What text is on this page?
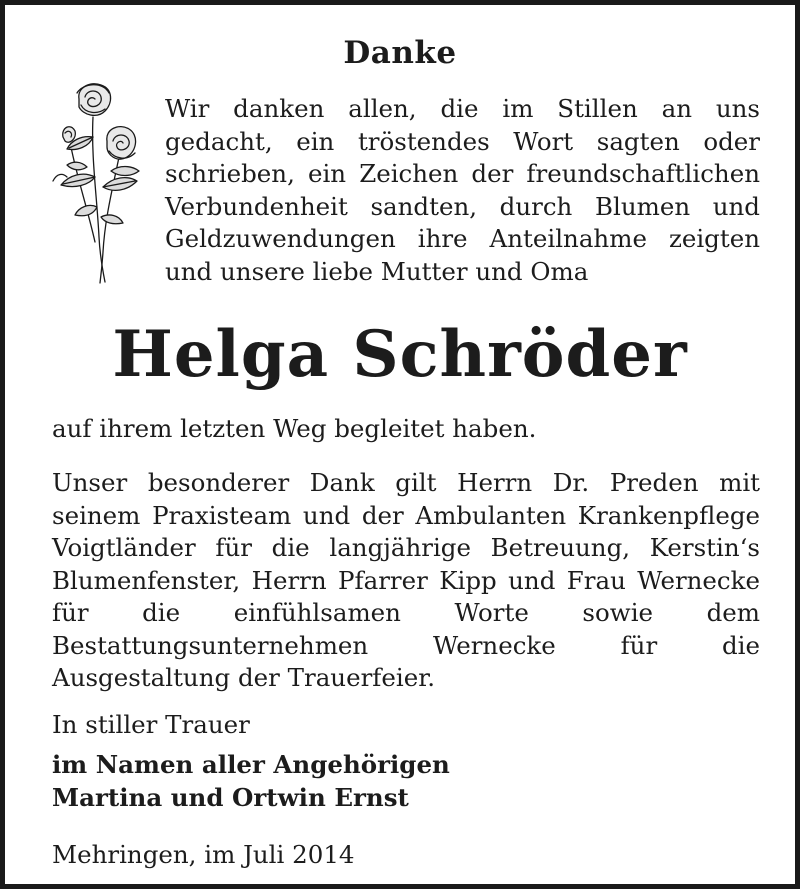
Danke
Wir danken allen, die im Stillen an uns gedacht, ein tröstendes Wort sagten oder schrieben, ein Zeichen der freundschaftlichen Verbundenheit sandten, durch Blumen und Geldzuwendungen ihre Anteilnahme zeigten und unsere liebe Mutter und Oma
Helga Schröder
auf ihrem letzten Weg begleitet haben.
Unser besonderer Dank gilt Herrn Dr. Preden mit seinem Praxisteam und der Ambulanten Krankenpflege Voigtländer für die langjährige Betreuung, Kerstin‘s Blumenfenster, Herrn Pfarrer Kipp und Frau Wernecke für die einfühlsamen Worte sowie dem Bestattungsunternehmen Wernecke für die Ausgestaltung der Trauerfeier.
In stiller Trauer
im Namen aller Angehörigen
Martina und Ortwin Ernst
Mehringen, im Juli 2014
